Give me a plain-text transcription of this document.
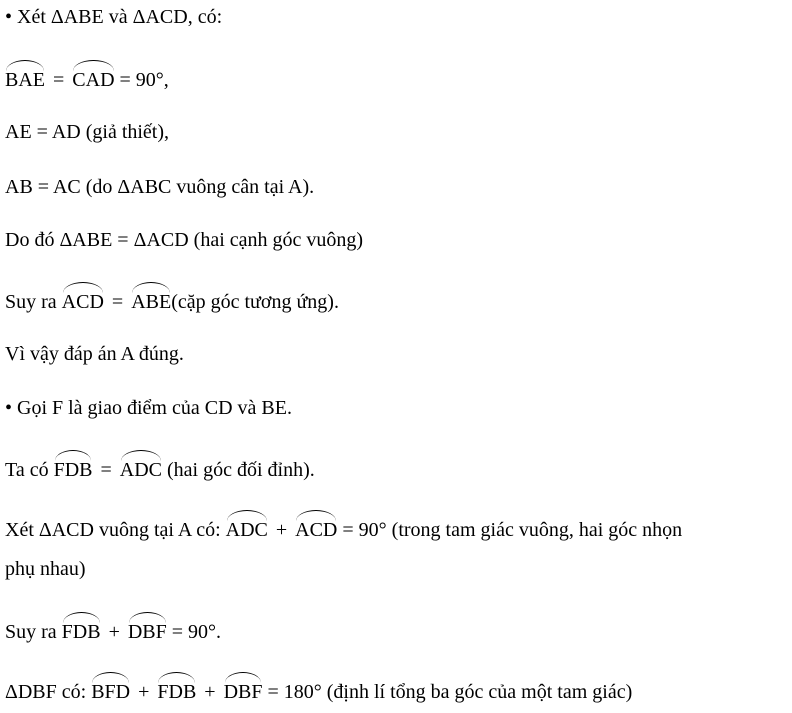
• Xét ΔABE và ΔACD, có:
BAE = CAD = 90°,
AE = AD (giả thiết),
AB = AC (do ΔABC vuông cân tại A).
Do đó ΔABE = ΔACD (hai cạnh góc vuông)
Suy ra ACD = ABE(cặp góc tương ứng).
Vì vậy đáp án A đúng.
• Gọi F là giao điểm của CD và BE.
Ta có FDB = ADC (hai góc đối đỉnh).
Xét ΔACD vuông tại A có: ADC + ACD = 90° (trong tam giác vuông, hai góc nhọn
phụ nhau)
Suy ra FDB + DBF = 90°.
ΔDBF có: BFD + FDB + DBF = 180° (định lí tổng ba góc của một tam giác)
